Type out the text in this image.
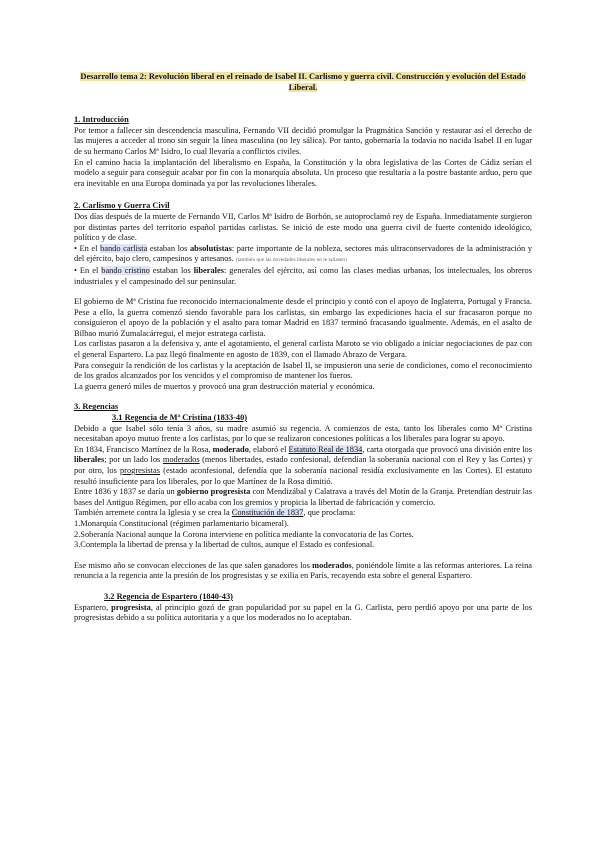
Desarrollo tema 2: Revolución liberal en el reinado de Isabel II. Carlismo y guerra civil. Construcción y evolución del Estado Liberal.
1. Introducción

Por temor a fallecer sin descendencia masculina, Fernando VII decidió promulgar la Pragmática Sanción y restaurar así el derecho de las mujeres a acceder al trono sin seguir la línea masculina (no ley sálica). Por tanto, gobernaría la todavía no nacida Isabel II en lugar de su hermano Carlos Mª Isidro, lo cual llevaría a conflictos civiles.

En el camino hacia la implantación del liberalismo en España, la Constitución y la obra legislativa de las Cortes de Cádiz serían el modelo a seguir para conseguir acabar por fin con la monarquía absoluta. Un proceso que resultaría a la postre bastante arduo, pero que era inevitable en una Europa dominada ya por las revoluciones liberales.

2. Carlismo y Guerra Civil

Dos días después de la muerte de Fernando VII, Carlos Mª Isidro de Borbón, se autoproclamó rey de España. Inmediatamente surgieron por distintas partes del territorio español partidas carlistas. Se inició de este modo una guerra civil de fuerte contenido ideológico, político y de clase.

• En el bando carlista estaban los absolutistas: parte importante de la nobleza, sectores más ultraconservadores de la administración y del ejército, bajo clero, campesinos y artesanos. (también que las novedades liberales no le tallasen)

• En el bando cristino estaban los liberales: generales del ejército, así como las clases medias urbanas, los intelectuales, los obreros industriales y el campesinado del sur peninsular.

El gobierno de Mª Cristina fue reconocido internacionalmente desde el principio y contó con el apoyo de Inglaterra, Portugal y Francia. Pese a ello, la guerra comenzó siendo favorable para los carlistas, sin embargo las expediciones hacia el sur fracasaron porque no consiguieron el apoyo de la población y el asalto para tomar Madrid en 1837 terminó fracasando igualmente. Además, en el asalto de Bilbao murió Zumalacárregui, el mejor estratega carlista.

Los carlistas pasaron a la defensiva y, ante el agotamiento, el general carlista Maroto se vio obligado a iniciar negociaciones de paz con el general Espartero. La paz llegó finalmente en agosto de 1839, con el llamado Abrazo de Vergara.

Para conseguir la rendición de los carlistas y la aceptación de Isabel II, se impusieron una serie de condiciones, como el reconocimiento de los grados alcanzados por los vencidos y el compromiso de mantener los fueros.

La guerra generó miles de muertos y provocó una gran destrucción material y económica.

3. Regencias
3.1 Regencia de Mª Cristina (1833-40)

Debido a que Isabel sólo tenía 3 años, su madre asumió su regencia. A comienzos de esta, tanto los liberales como Mª Cristina necesitaban apoyo mutuo frente a los carlistas, por lo que se realizaron concesiones políticas a los liberales para lograr su apoyo.

En 1834, Francisco Martínez de la Rosa, moderado, elaboró el Estatuto Real de 1834, carta otorgada que provocó una división entre los liberales; por un lado los moderados (menos libertades, estado confesional, defendían la soberanía nacional con el Rey y las Cortes) y por otro, los progresistas (estado aconfesional, defendía que la soberanía nacional residía exclusivamente en las Cortes). El estatuto resultó insuficiente para los liberales, por lo que Martínez de la Rosa dimitió.

Entre 1836 y 1837 se daría un gobierno progresista con Mendizábal y Calatrava a través del Motín de la Granja. Pretendían destruir las bases del Antiguo Régimen, por ello acaba con los gremios y propicia la libertad de fabricación y comercio.

También arremete contra la Iglesia y se crea la Constitución de 1837, que proclama:

1.Monarquía Constitucional (régimen parlamentario bicameral).

2.Soberanía Nacional aunque la Corona interviene en política mediante la convocatoria de las Cortes.

3.Contempla la libertad de prensa y la libertad de cultos, aunque el Estado es confesional.

Ese mismo año se convocan elecciones de las que salen ganadores los moderados, poniéndole límite a las reformas anteriores. La reina renuncia a la regencia ante la presión de los progresistas y se exilia en París, recayendo esta sobre el general Espartero.

3.2 Regencia de Espartero (1840-43)

Espartero, progresista, al principio gozó de gran popularidad por su papel en la G. Carlista, pero perdió apoyo por una parte de los progresistas debido a su política autoritaria y a que los moderados no lo aceptaban.
